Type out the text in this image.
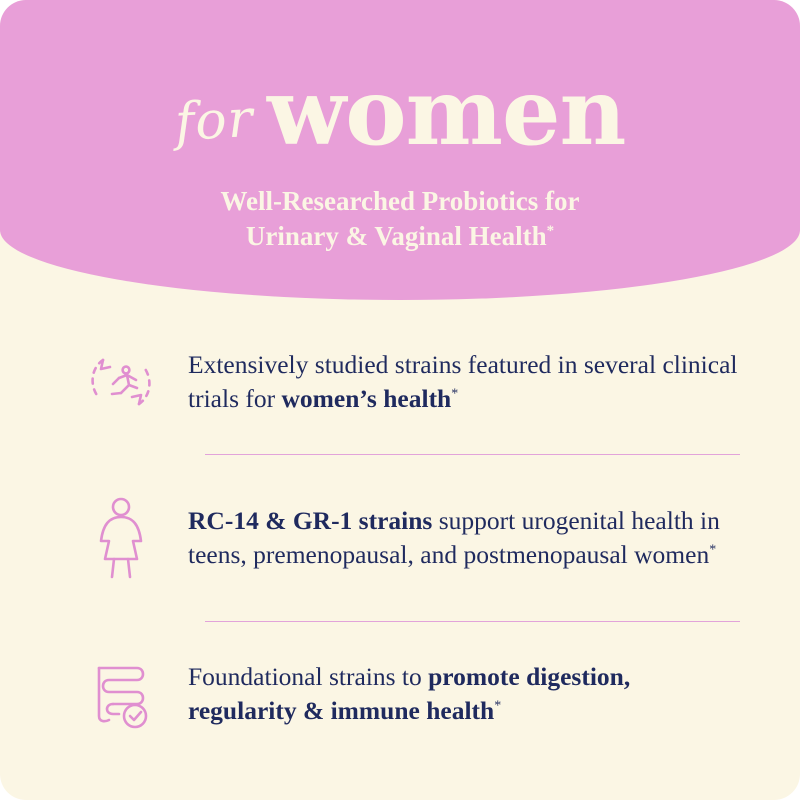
for women
Well-Researched Probiotics for
Urinary & Vaginal Health*
Extensively studied strains featured in several clinical trials for women’s health*
RC-14 & GR-1 strains support urogenital health in teens, premenopausal, and postmenopausal women*
Foundational strains to promote digestion, regularity & immune health*
